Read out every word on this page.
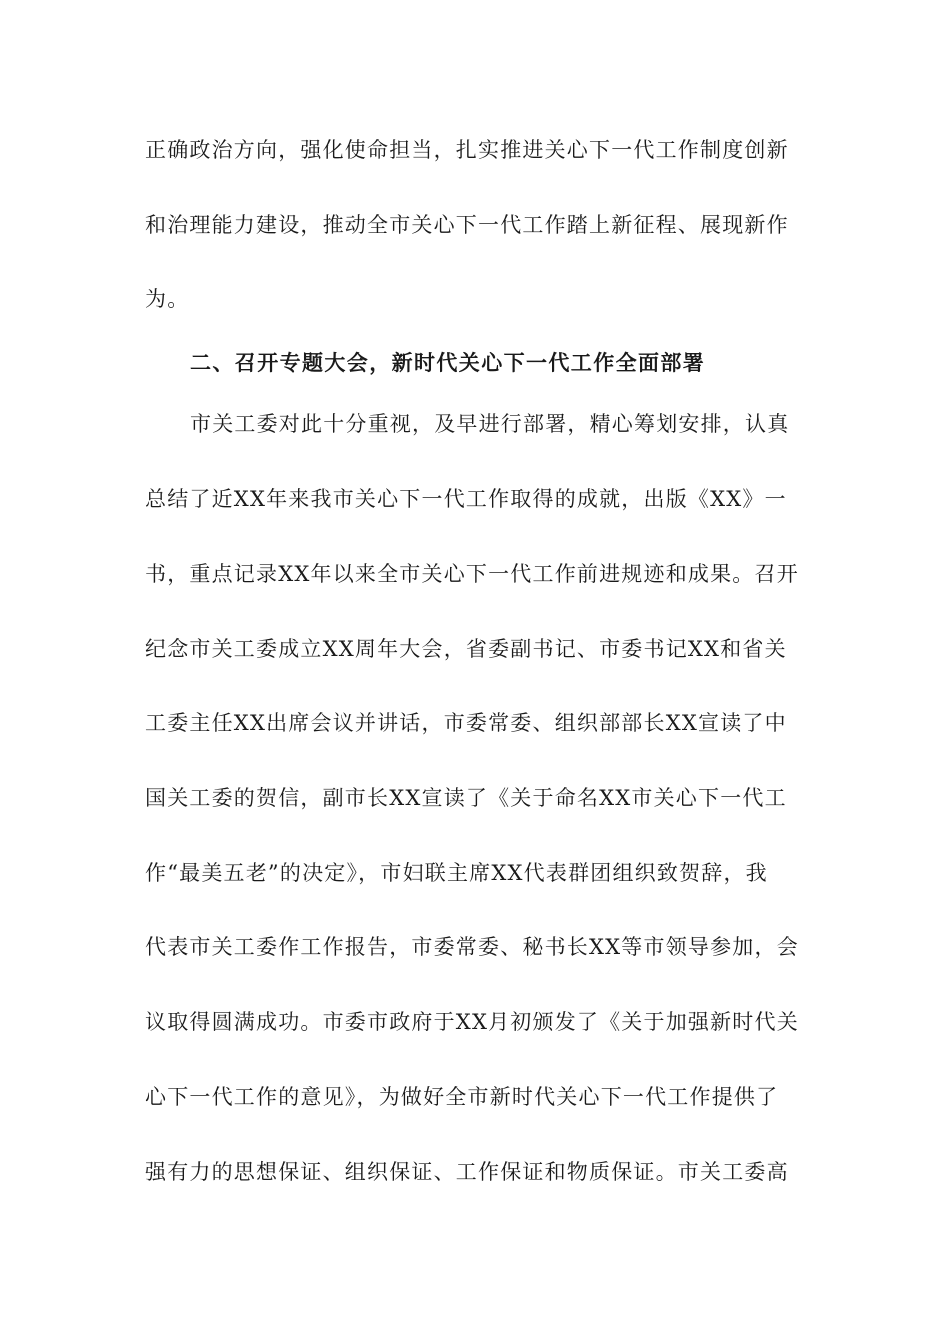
正确政治方向，强化使命担当，扎实推进关心下一代工作制度创新
和治理能力建设，推动全市关心下一代工作踏上新征程、展现新作
为。
二、召开专题大会，新时代关心下一代工作全面部署
市关工委对此十分重视，及早进行部署，精心筹划安排，认真
总结了近XX年来我市关心下一代工作取得的成就，出版《XX》一
书，重点记录XX年以来全市关心下一代工作前进规迹和成果。召开
纪念市关工委成立XX周年大会，省委副书记、市委书记XX和省关
工委主任XX出席会议并讲话，市委常委、组织部部长XX宣读了中
国关工委的贺信，副市长XX宣读了《关于命名XX市关心下一代工
作“最美五老”的决定》，市妇联主席XX代表群团组织致贺辞，我
代表市关工委作工作报告，市委常委、秘书长XX等市领导参加，会
议取得圆满成功。市委市政府于XX月初颁发了《关于加强新时代关
心下一代工作的意见》，为做好全市新时代关心下一代工作提供了
强有力的思想保证、组织保证、工作保证和物质保证。市关工委高
